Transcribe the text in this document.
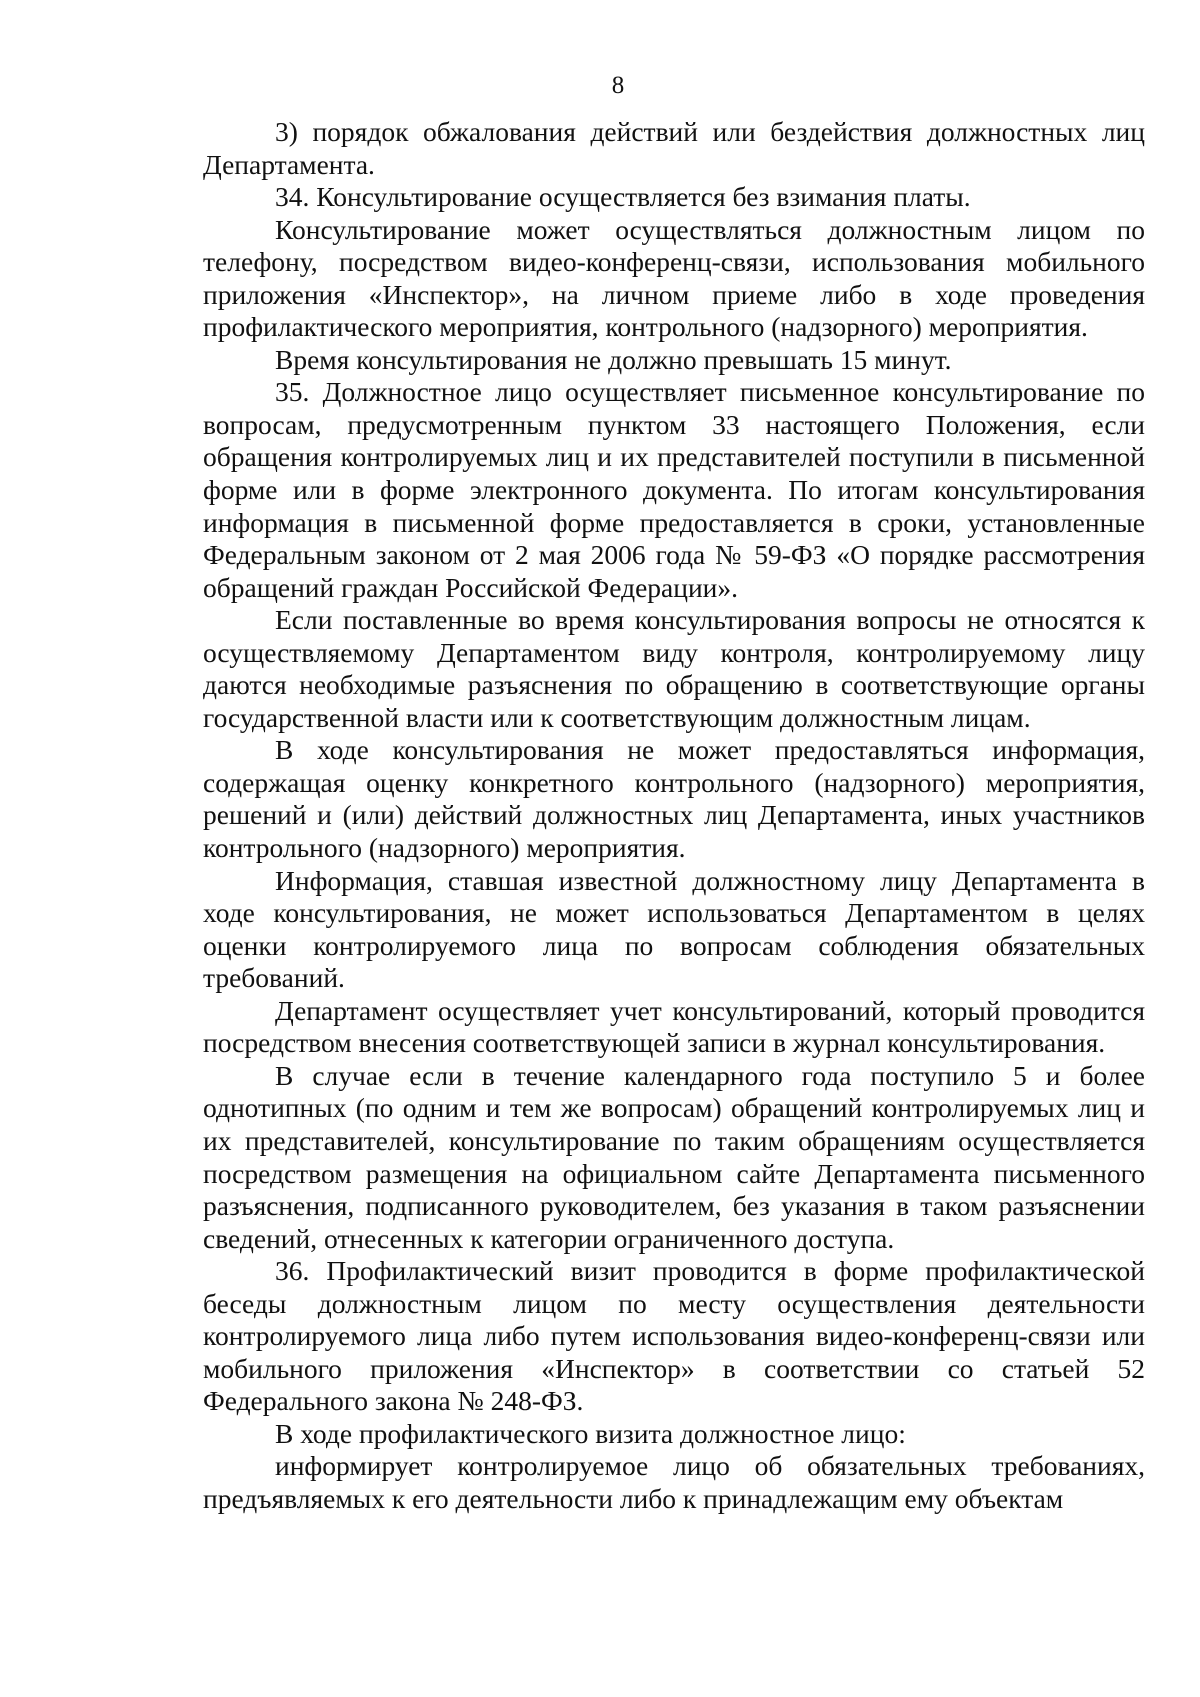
8

3) порядок обжалования действий или бездействия должностных лиц Департамента.

34. Консультирование осуществляется без взимания платы.

Консультирование может осуществляться должностным лицом по телефону, посредством видео-конференц-связи, использования мобильного приложения «Инспектор», на личном приеме либо в ходе проведения профилактического мероприятия, контрольного (надзорного) мероприятия.

Время консультирования не должно превышать 15 минут.

35. Должностное лицо осуществляет письменное консультирование по вопросам, предусмотренным пунктом 33 настоящего Положения, если обращения контролируемых лиц и их представителей поступили в письменной форме или в форме электронного документа. По итогам консультирования информация в письменной форме предоставляется в сроки, установленные Федеральным законом от 2 мая 2006 года № 59-ФЗ «О порядке рассмотрения обращений граждан Российской Федерации».

Если поставленные во время консультирования вопросы не относятся к осуществляемому Департаментом виду контроля, контролируемому лицу даются необходимые разъяснения по обращению в соответствующие органы государственной власти или к соответствующим должностным лицам.

В ходе консультирования не может предоставляться информация, содержащая оценку конкретного контрольного (надзорного) мероприятия, решений и (или) действий должностных лиц Департамента, иных участников контрольного (надзорного) мероприятия.

Информация, ставшая известной должностному лицу Департамента в ходе консультирования, не может использоваться Департаментом в целях оценки контролируемого лица по вопросам соблюдения обязательных требований.

Департамент осуществляет учет консультирований, который проводится посредством внесения соответствующей записи в журнал консультирования.

В случае если в течение календарного года поступило 5 и более однотипных (по одним и тем же вопросам) обращений контролируемых лиц и их представителей, консультирование по таким обращениям осуществляется посредством размещения на официальном сайте Департамента письменного разъяснения, подписанного руководителем, без указания в таком разъяснении сведений, отнесенных к категории ограниченного доступа.

36. Профилактический визит проводится в форме профилактической беседы должностным лицом по месту осуществления деятельности контролируемого лица либо путем использования видео-конференц-связи или мобильного приложения «Инспектор» в соответствии со статьей 52 Федерального закона № 248-ФЗ.

В ходе профилактического визита должностное лицо:

информирует контролируемое лицо об обязательных требованиях, предъявляемых к его деятельности либо к принадлежащим ему объектам
